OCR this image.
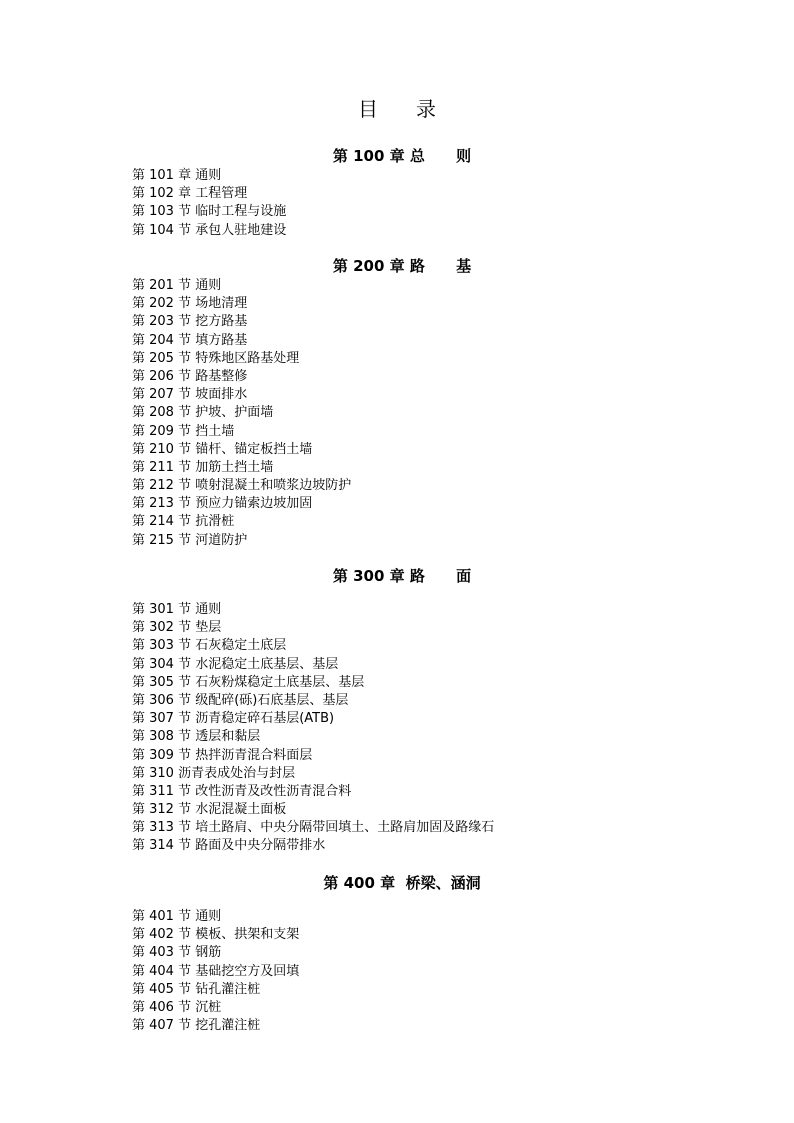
目 录
第 100 章 总      则
第 101 章 通则
第 102 章 工程管理
第 103 节 临时工程与设施
第 104 节 承包人驻地建设
第 200 章 路      基
第 201 节 通则
第 202 节 场地清理
第 203 节 挖方路基
第 204 节 填方路基
第 205 节 特殊地区路基处理
第 206 节 路基整修
第 207 节 坡面排水
第 208 节 护坡、护面墙
第 209 节 挡土墙
第 210 节 锚杆、锚定板挡土墙
第 211 节 加筋土挡土墙
第 212 节 喷射混凝土和喷浆边坡防护
第 213 节 预应力锚索边坡加固
第 214 节 抗滑桩
第 215 节 河道防护
第 300 章 路      面
第 301 节 通则
第 302 节 垫层
第 303 节 石灰稳定土底层
第 304 节 水泥稳定土底基层、基层
第 305 节 石灰粉煤稳定土底基层、基层
第 306 节 级配碎(砾)石底基层、基层
第 307 节 沥青稳定碎石基层(ATB)
第 308 节 透层和黏层
第 309 节 热拌沥青混合料面层
第 310 沥青表成处治与封层
第 311 节 改性沥青及改性沥青混合料
第 312 节 水泥混凝土面板
第 313 节 培土路肩、中央分隔带回填土、土路肩加固及路缘石
第 314 节 路面及中央分隔带排水
第 400 章  桥梁、涵洞
第 401 节 通则
第 402 节 模板、拱架和支架
第 403 节 钢筋
第 404 节 基础挖空方及回填
第 405 节 钻孔灌注桩
第 406 节 沉桩
第 407 节 挖孔灌注桩
